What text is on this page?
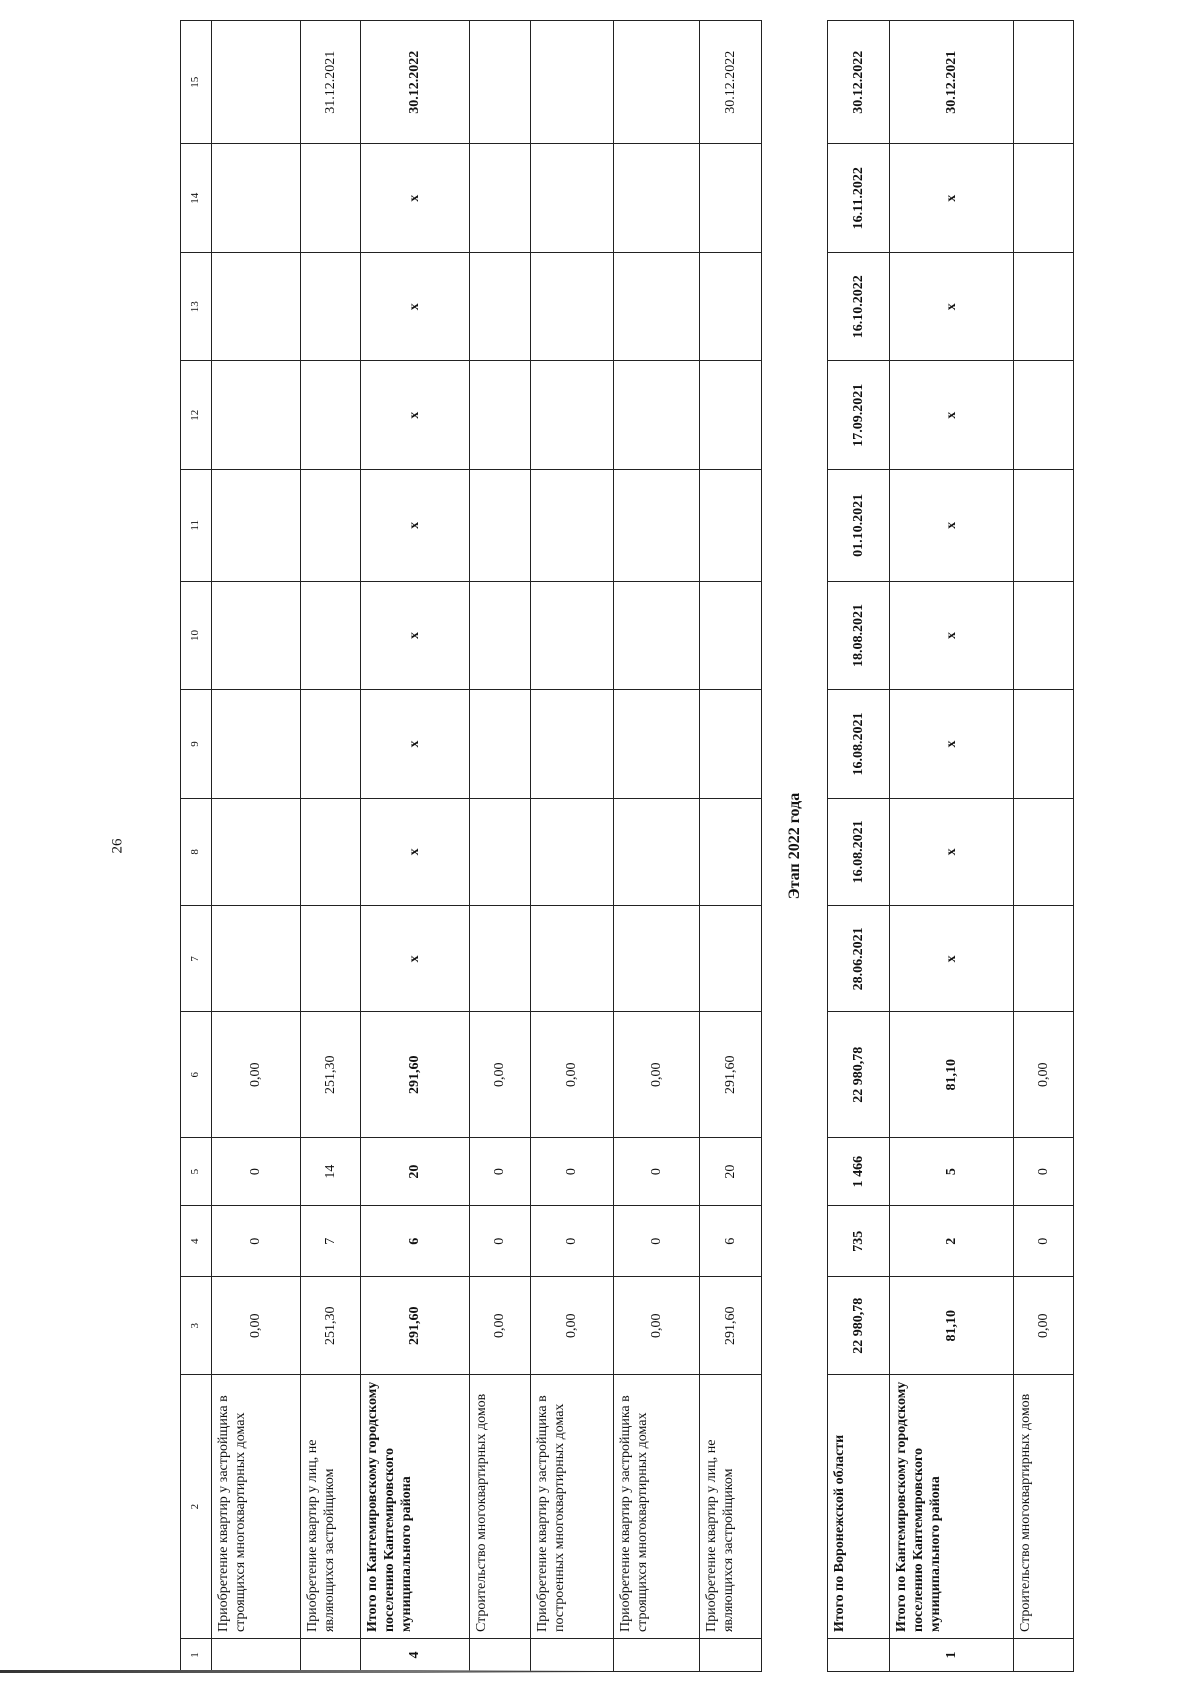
26
1	2	3	4	5	6	7	8	9	10	11	12	13	14	15
	Приобретение квартир у застройщика в строящихся многоквартирных домах	0,00	0	0	0,00									
	Приобретение квартир у лиц, не являющихся застройщиком	251,30	7	14	251,30									31.12.2021
4	Итого по Кантемировскому городскому поселению Кантемировского муниципального района	291,60	6	20	291,60	x	x	x	x	x	x	x	x	30.12.2022
	Строительство многоквартирных домов	0,00	0	0	0,00									
	Приобретение квартир у застройщика в построенных многоквартирных домах	0,00	0	0	0,00									
	Приобретение квартир у застройщика в строящихся многоквартирных домах	0,00	0	0	0,00									
	Приобретение квартир у лиц, не являющихся застройщиком	291,60	6	20	291,60									30.12.2022
Этап 2022 года														
	Итого по Воронежской области	22 980,78	735	1 466	22 980,78	28.06.2021	16.08.2021	16.08.2021	18.08.2021	01.10.2021	17.09.2021	16.10.2022	16.11.2022	30.12.2022
1	Итого по Кантемировскому городскому поселению Кантемировского муниципального района	81,10	2	5	81,10	x	x	x	x	x	x	x	x	30.12.2021
	Строительство многоквартирных домов	0,00	0	0	0,00									
